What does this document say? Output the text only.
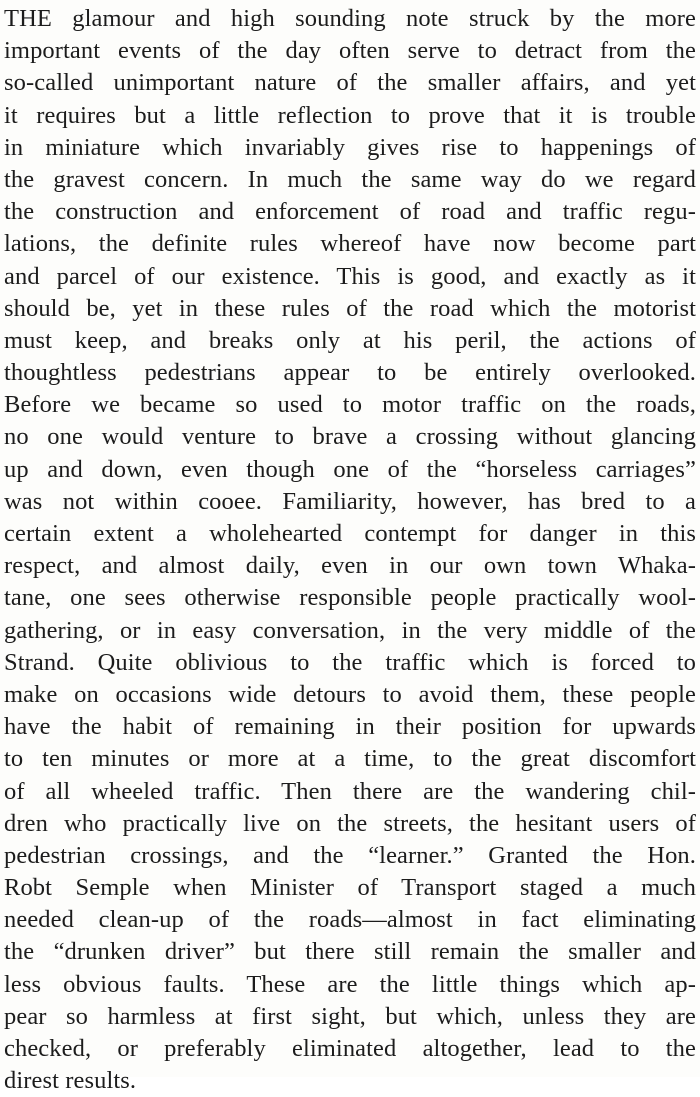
THE glamour and high sounding note struck by the more
important events of the day often serve to detract from the
so-called unimportant nature of the smaller affairs, and yet
it requires but a little reflection to prove that it is trouble
in miniature which invariably gives rise to happenings of
the gravest concern. In much the same way do we regard
the construction and enforcement of road and traffic regu-
lations, the definite rules whereof have now become part
and parcel of our existence. This is good, and exactly as it
should be, yet in these rules of the road which the motorist
must keep, and breaks only at his peril, the actions of
thoughtless pedestrians appear to be entirely overlooked.
Before we became so used to motor traffic on the roads,
no one would venture to brave a crossing without glancing
up and down, even though one of the “horseless carriages”
was not within cooee. Familiarity, however, has bred to a
certain extent a wholehearted contempt for danger in this
respect, and almost daily, even in our own town Whaka-
tane, one sees otherwise responsible people practically wool-
gathering, or in easy conversation, in the very middle of the
Strand. Quite oblivious to the traffic which is forced to
make on occasions wide detours to avoid them, these people
have the habit of remaining in their position for upwards
to ten minutes or more at a time, to the great discomfort
of all wheeled traffic. Then there are the wandering chil-
dren who practically live on the streets, the hesitant users of
pedestrian crossings, and the “learner.” Granted the Hon.
Robt Semple when Minister of Transport staged a much
needed clean-up of the roads—almost in fact eliminating
the “drunken driver” but there still remain the smaller and
less obvious faults. These are the little things which ap-
pear so harmless at first sight, but which, unless they are
checked, or preferably eliminated altogether, lead to the
direst results.
